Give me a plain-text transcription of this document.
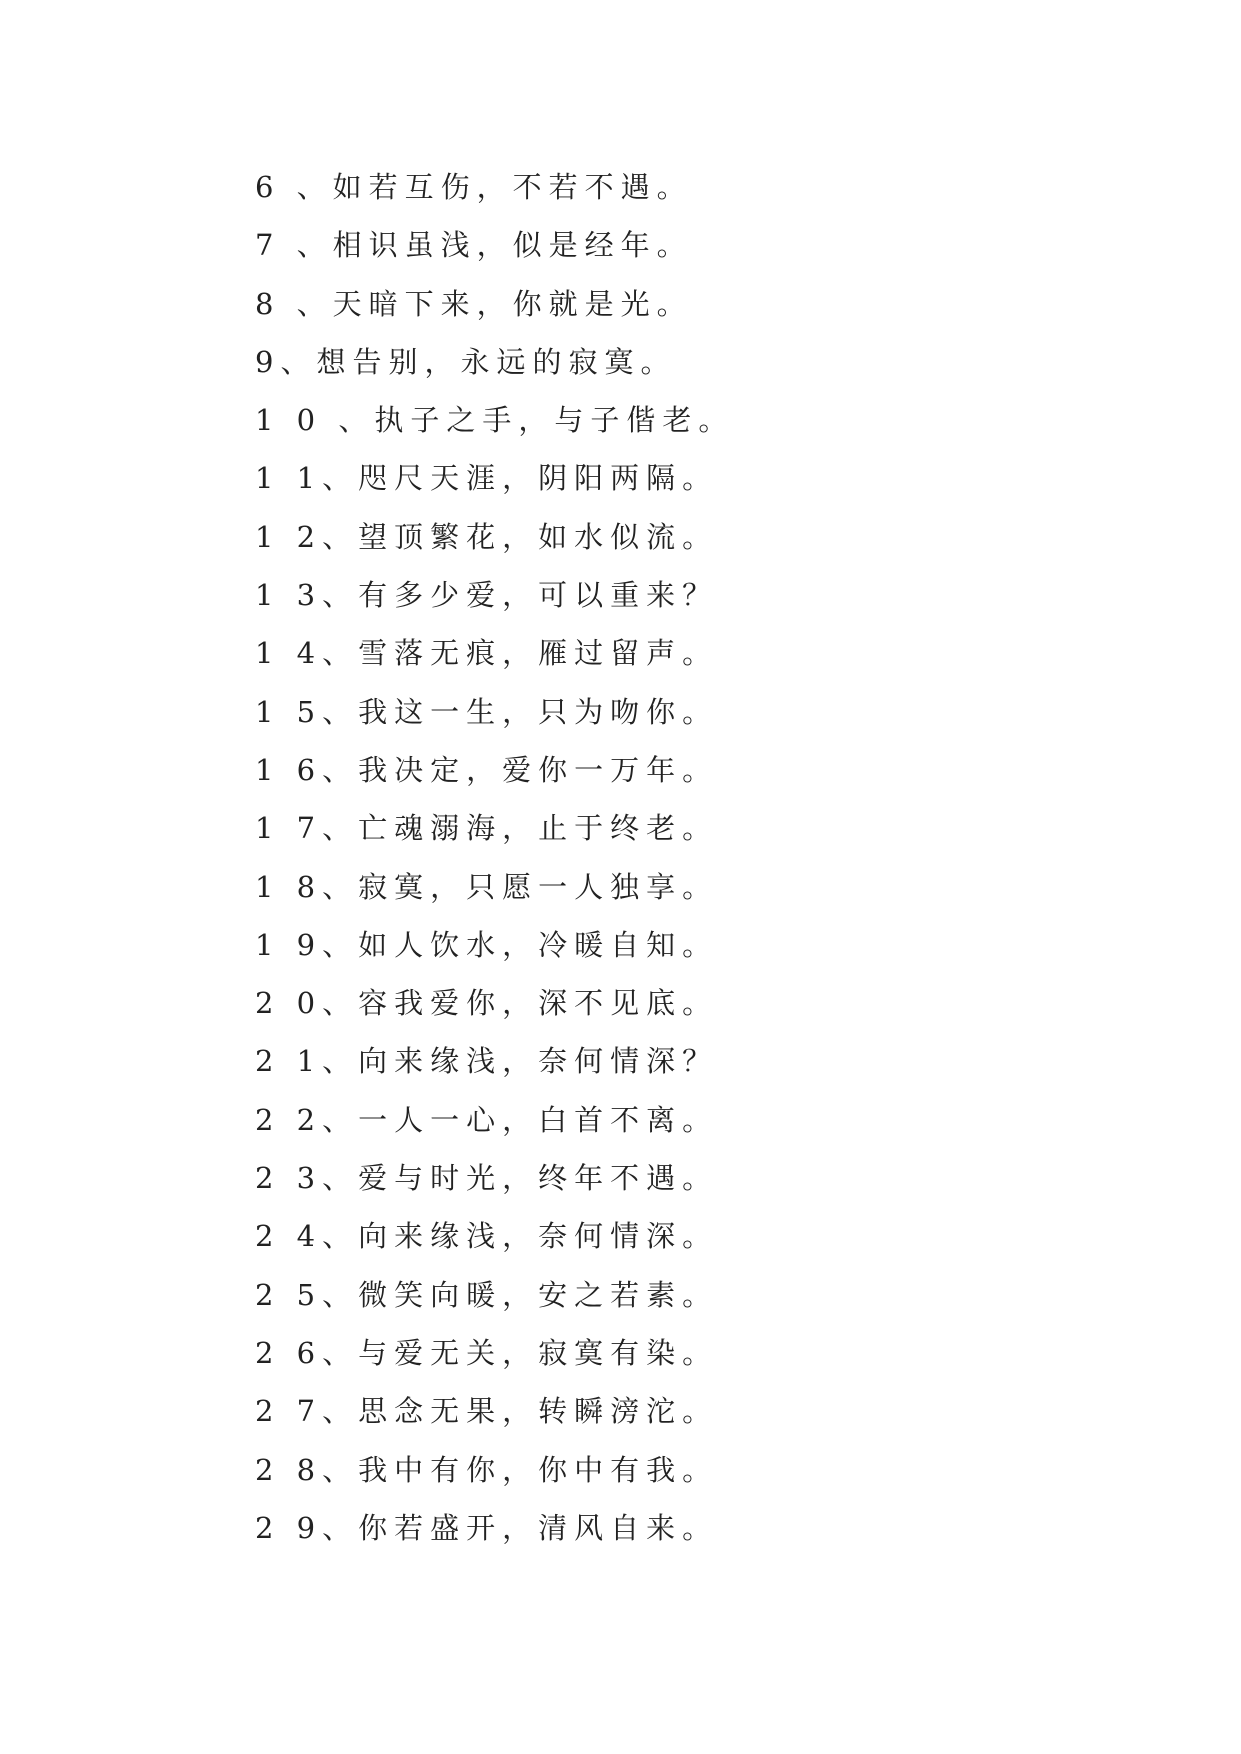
6 、如若互伤，不若不遇。
7 、相识虽浅，似是经年。
8 、天暗下来，你就是光。
9、想告别，永远的寂寞。
1 0 、执子之手，与子偕老。
1 1、咫尺天涯，阴阳两隔。
1 2、望顶繁花，如水似流。
1 3、有多少爱，可以重来？
1 4、雪落无痕，雁过留声。
1 5、我这一生，只为吻你。
1 6、我决定，爱你一万年。
1 7、亡魂溺海，止于终老。
1 8、寂寞，只愿一人独享。
1 9、如人饮水，冷暖自知。
2 0、容我爱你，深不见底。
2 1、向来缘浅，奈何情深？
2 2、一人一心，白首不离。
2 3、爱与时光，终年不遇。
2 4、向来缘浅，奈何情深。
2 5、微笑向暖，安之若素。
2 6、与爱无关，寂寞有染。
2 7、思念无果，转瞬滂沱。
2 8、我中有你，你中有我。
2 9、你若盛开，清风自来。
